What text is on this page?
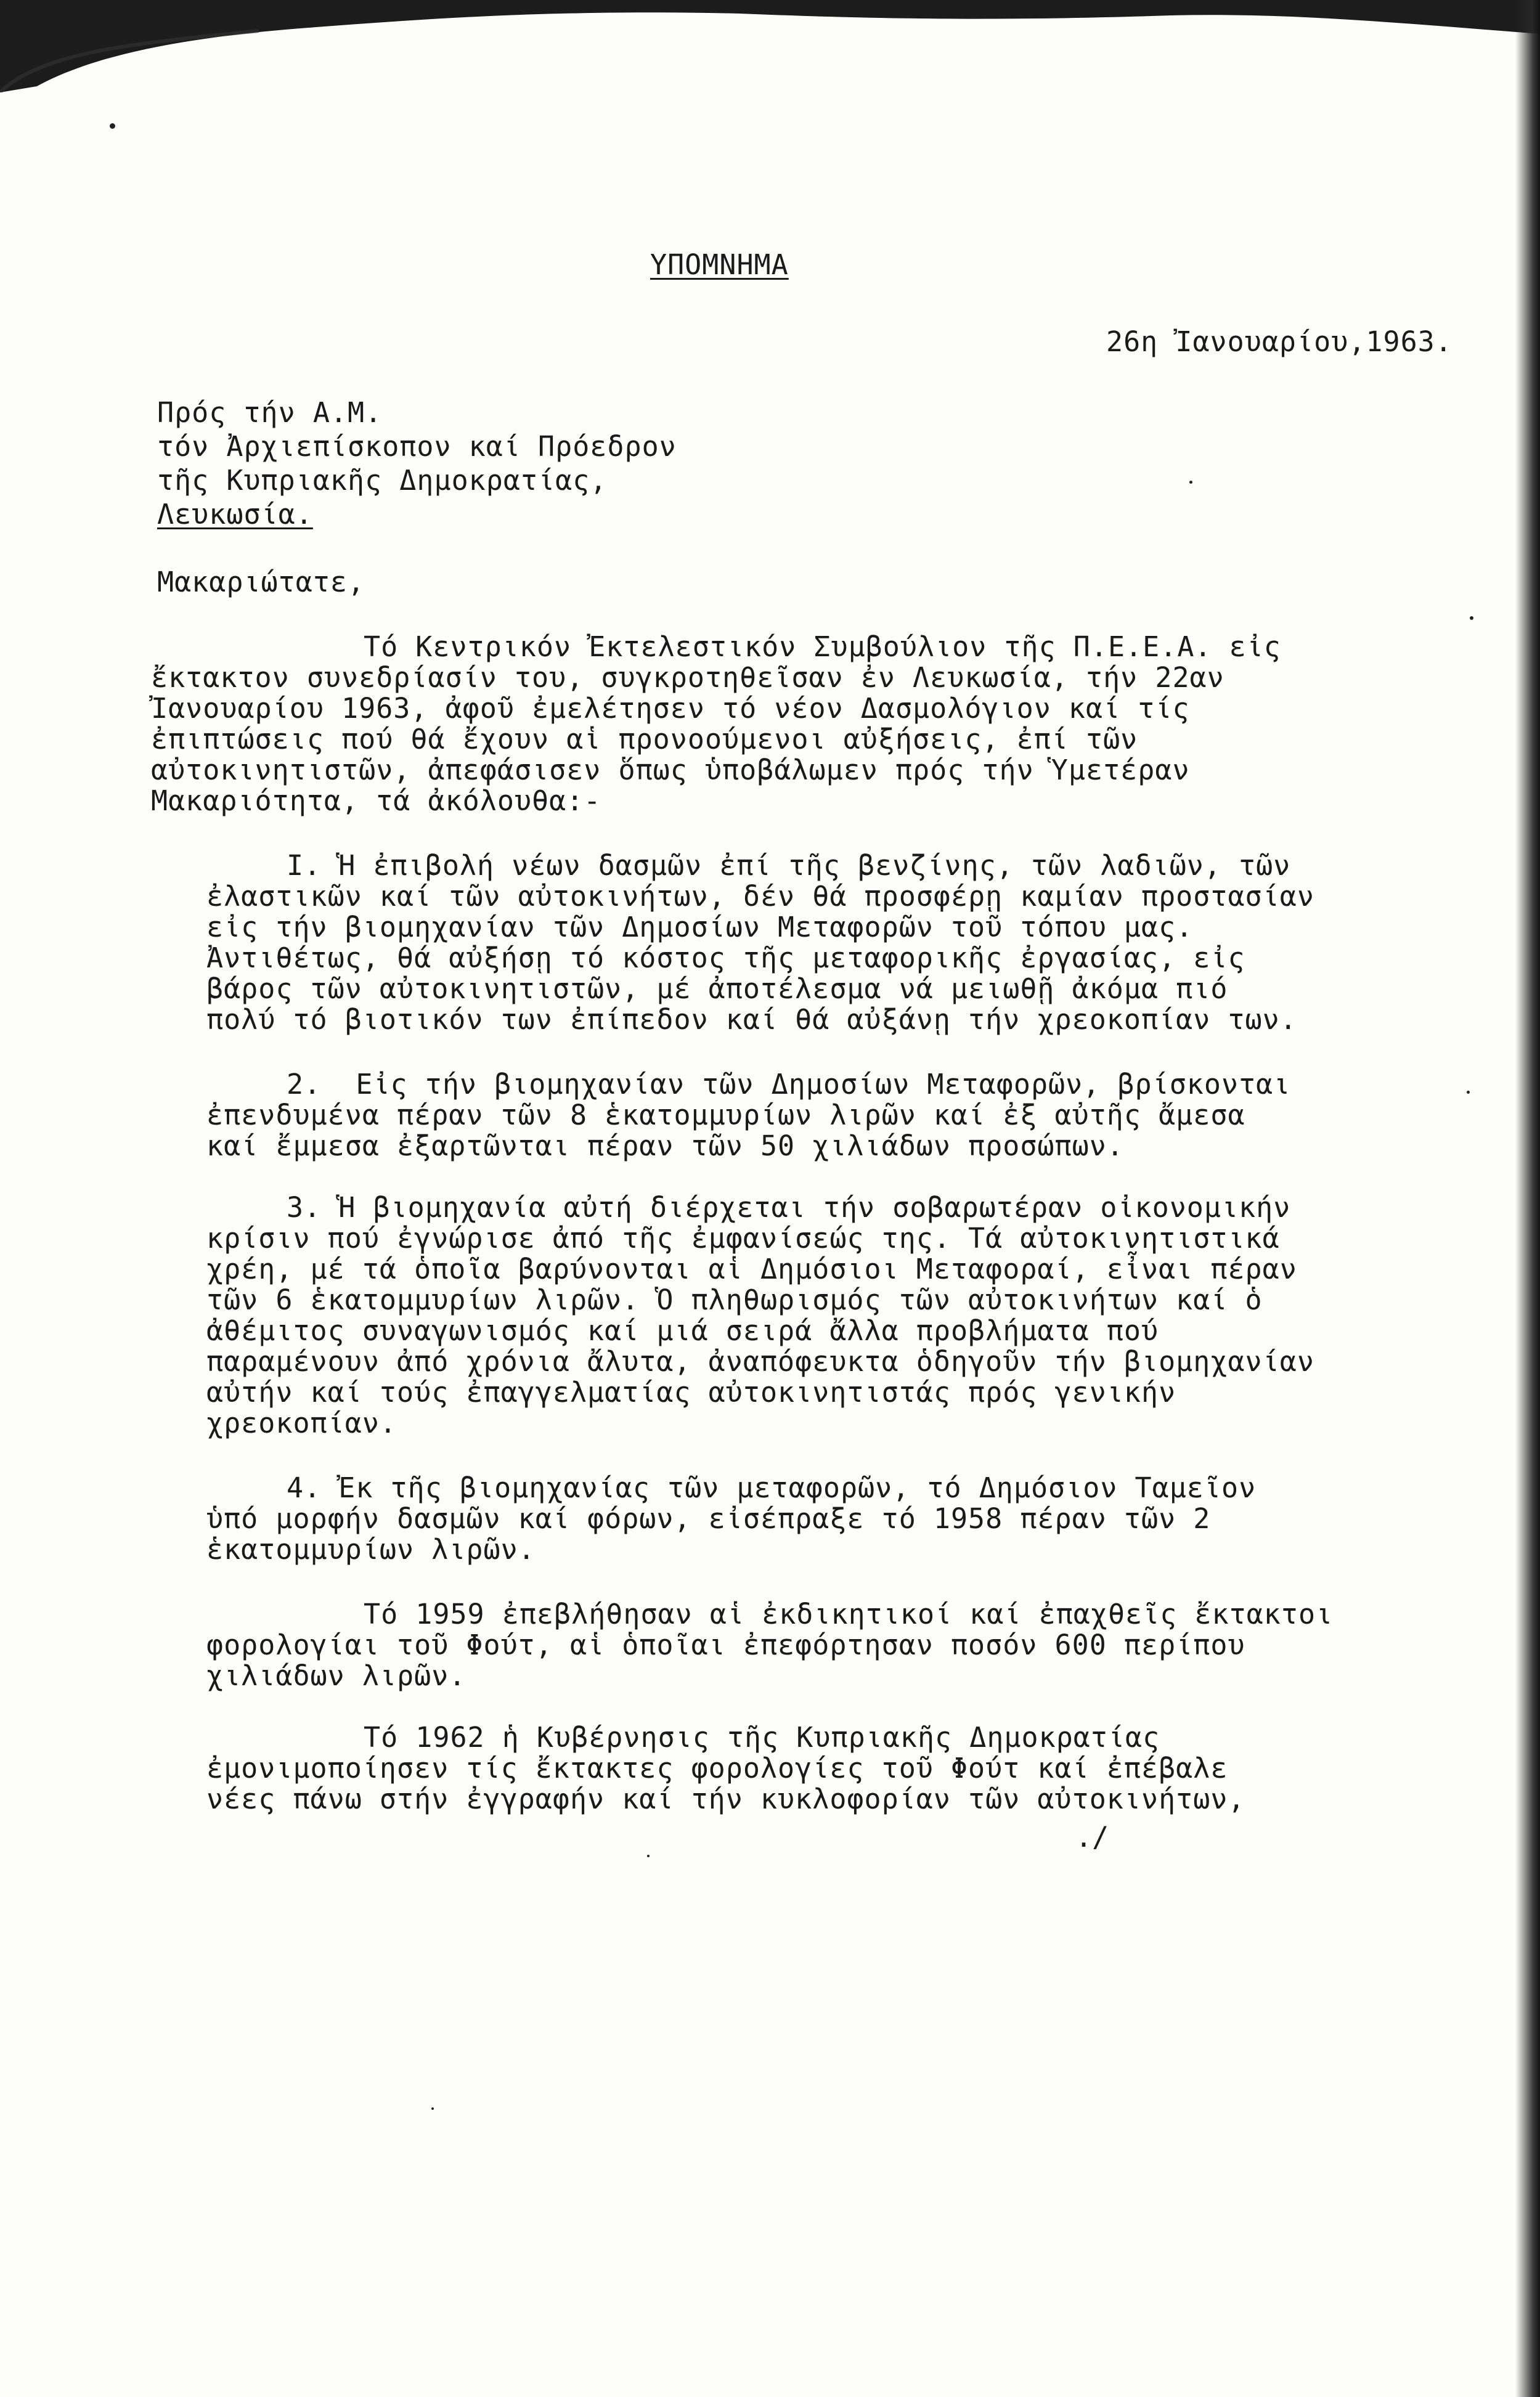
ΥΠΟΜΝΗΜΑ
26η Ἰανουαρίου,1963.
Πρός τήν Α.Μ.
τόν Ἀρχιεπίσκοπον καί Πρόεδρον
τῆς Κυπριακῆς Δημοκρατίας,
Λευκωσία.
Μακαριώτατε,
Τό Κεντρικόν Ἐκτελεστικόν Συμβούλιον τῆς Π.Ε.Ε.Α. εἰς
ἔκτακτον συνεδρίασίν του, συγκροτηθεῖσαν ἐν Λευκωσία, τήν 22αν
Ἰανουαρίου 1963, ἀφοῦ ἐμελέτησεν τό νέον Δασμολόγιον καί τίς
ἐπιπτώσεις πού θά ἔχουν αἱ προνοούμενοι αὐξήσεις, ἐπί τῶν
αὐτοκινητιστῶν, ἀπεφάσισεν ὅπως ὑποβάλωμεν πρός τήν Ὑμετέραν
Μακαριότητα, τά ἀκόλουθα:-
I. Ἡ ἐπιβολή νέων δασμῶν ἐπί τῆς βενζίνης, τῶν λαδιῶν, τῶν
ἐλαστικῶν καί τῶν αὐτοκινήτων, δέν θά προσφέρῃ καμίαν προστασίαν
εἰς τήν βιομηχανίαν τῶν Δημοσίων Μεταφορῶν τοῦ τόπου μας.
Ἀντιθέτως, θά αὐξήσῃ τό κόστος τῆς μεταφορικῆς ἐργασίας, εἰς
βάρος τῶν αὐτοκινητιστῶν, μέ ἀποτέλεσμα νά μειωθῇ ἀκόμα πιό
πολύ τό βιοτικόν των ἐπίπεδον καί θά αὐξάνῃ τήν χρεοκοπίαν των.
2.  Εἰς τήν βιομηχανίαν τῶν Δημοσίων Μεταφορῶν, βρίσκονται
ἐπενδυμένα πέραν τῶν 8 ἑκατομμυρίων λιρῶν καί ἐξ αὐτῆς ἄμεσα
καί ἔμμεσα ἐξαρτῶνται πέραν τῶν 50 χιλιάδων προσώπων.
3. Ἡ βιομηχανία αὐτή διέρχεται τήν σοβαρωτέραν οἰκονομικήν
κρίσιν πού ἐγνώρισε ἀπό τῆς ἐμφανίσεώς της. Τά αὐτοκινητιστικά
χρέη, μέ τά ὁποῖα βαρύνονται αἱ Δημόσιοι Μεταφοραί, εἶναι πέραν
τῶν 6 ἑκατομμυρίων λιρῶν. Ὁ πληθωρισμός τῶν αὐτοκινήτων καί ὁ
ἀθέμιτος συναγωνισμός καί μιά σειρά ἄλλα προβλήματα πού
παραμένουν ἀπό χρόνια ἄλυτα, ἀναπόφευκτα ὁδηγοῦν τήν βιομηχανίαν
αὐτήν καί τούς ἐπαγγελματίας αὐτοκινητιστάς πρός γενικήν
χρεοκοπίαν.
4. Ἐκ τῆς βιομηχανίας τῶν μεταφορῶν, τό Δημόσιον Ταμεῖον
ὑπό μορφήν δασμῶν καί φόρων, εἰσέπραξε τό 1958 πέραν τῶν 2
ἑκατομμυρίων λιρῶν.
Τό 1959 ἐπεβλήθησαν αἱ ἐκδικητικοί καί ἐπαχθεῖς ἔκτακτοι
φορολογίαι τοῦ Φούτ, αἱ ὁποῖαι ἐπεφόρτησαν ποσόν 600 περίπου
χιλιάδων λιρῶν.
Τό 1962 ἡ Κυβέρνησις τῆς Κυπριακῆς Δημοκρατίας
ἐμονιμοποίησεν τίς ἔκτακτες φορολογίες τοῦ Φούτ καί ἐπέβαλε
νέες πάνω στήν ἐγγραφήν καί τήν κυκλοφορίαν τῶν αὐτοκινήτων,
./
